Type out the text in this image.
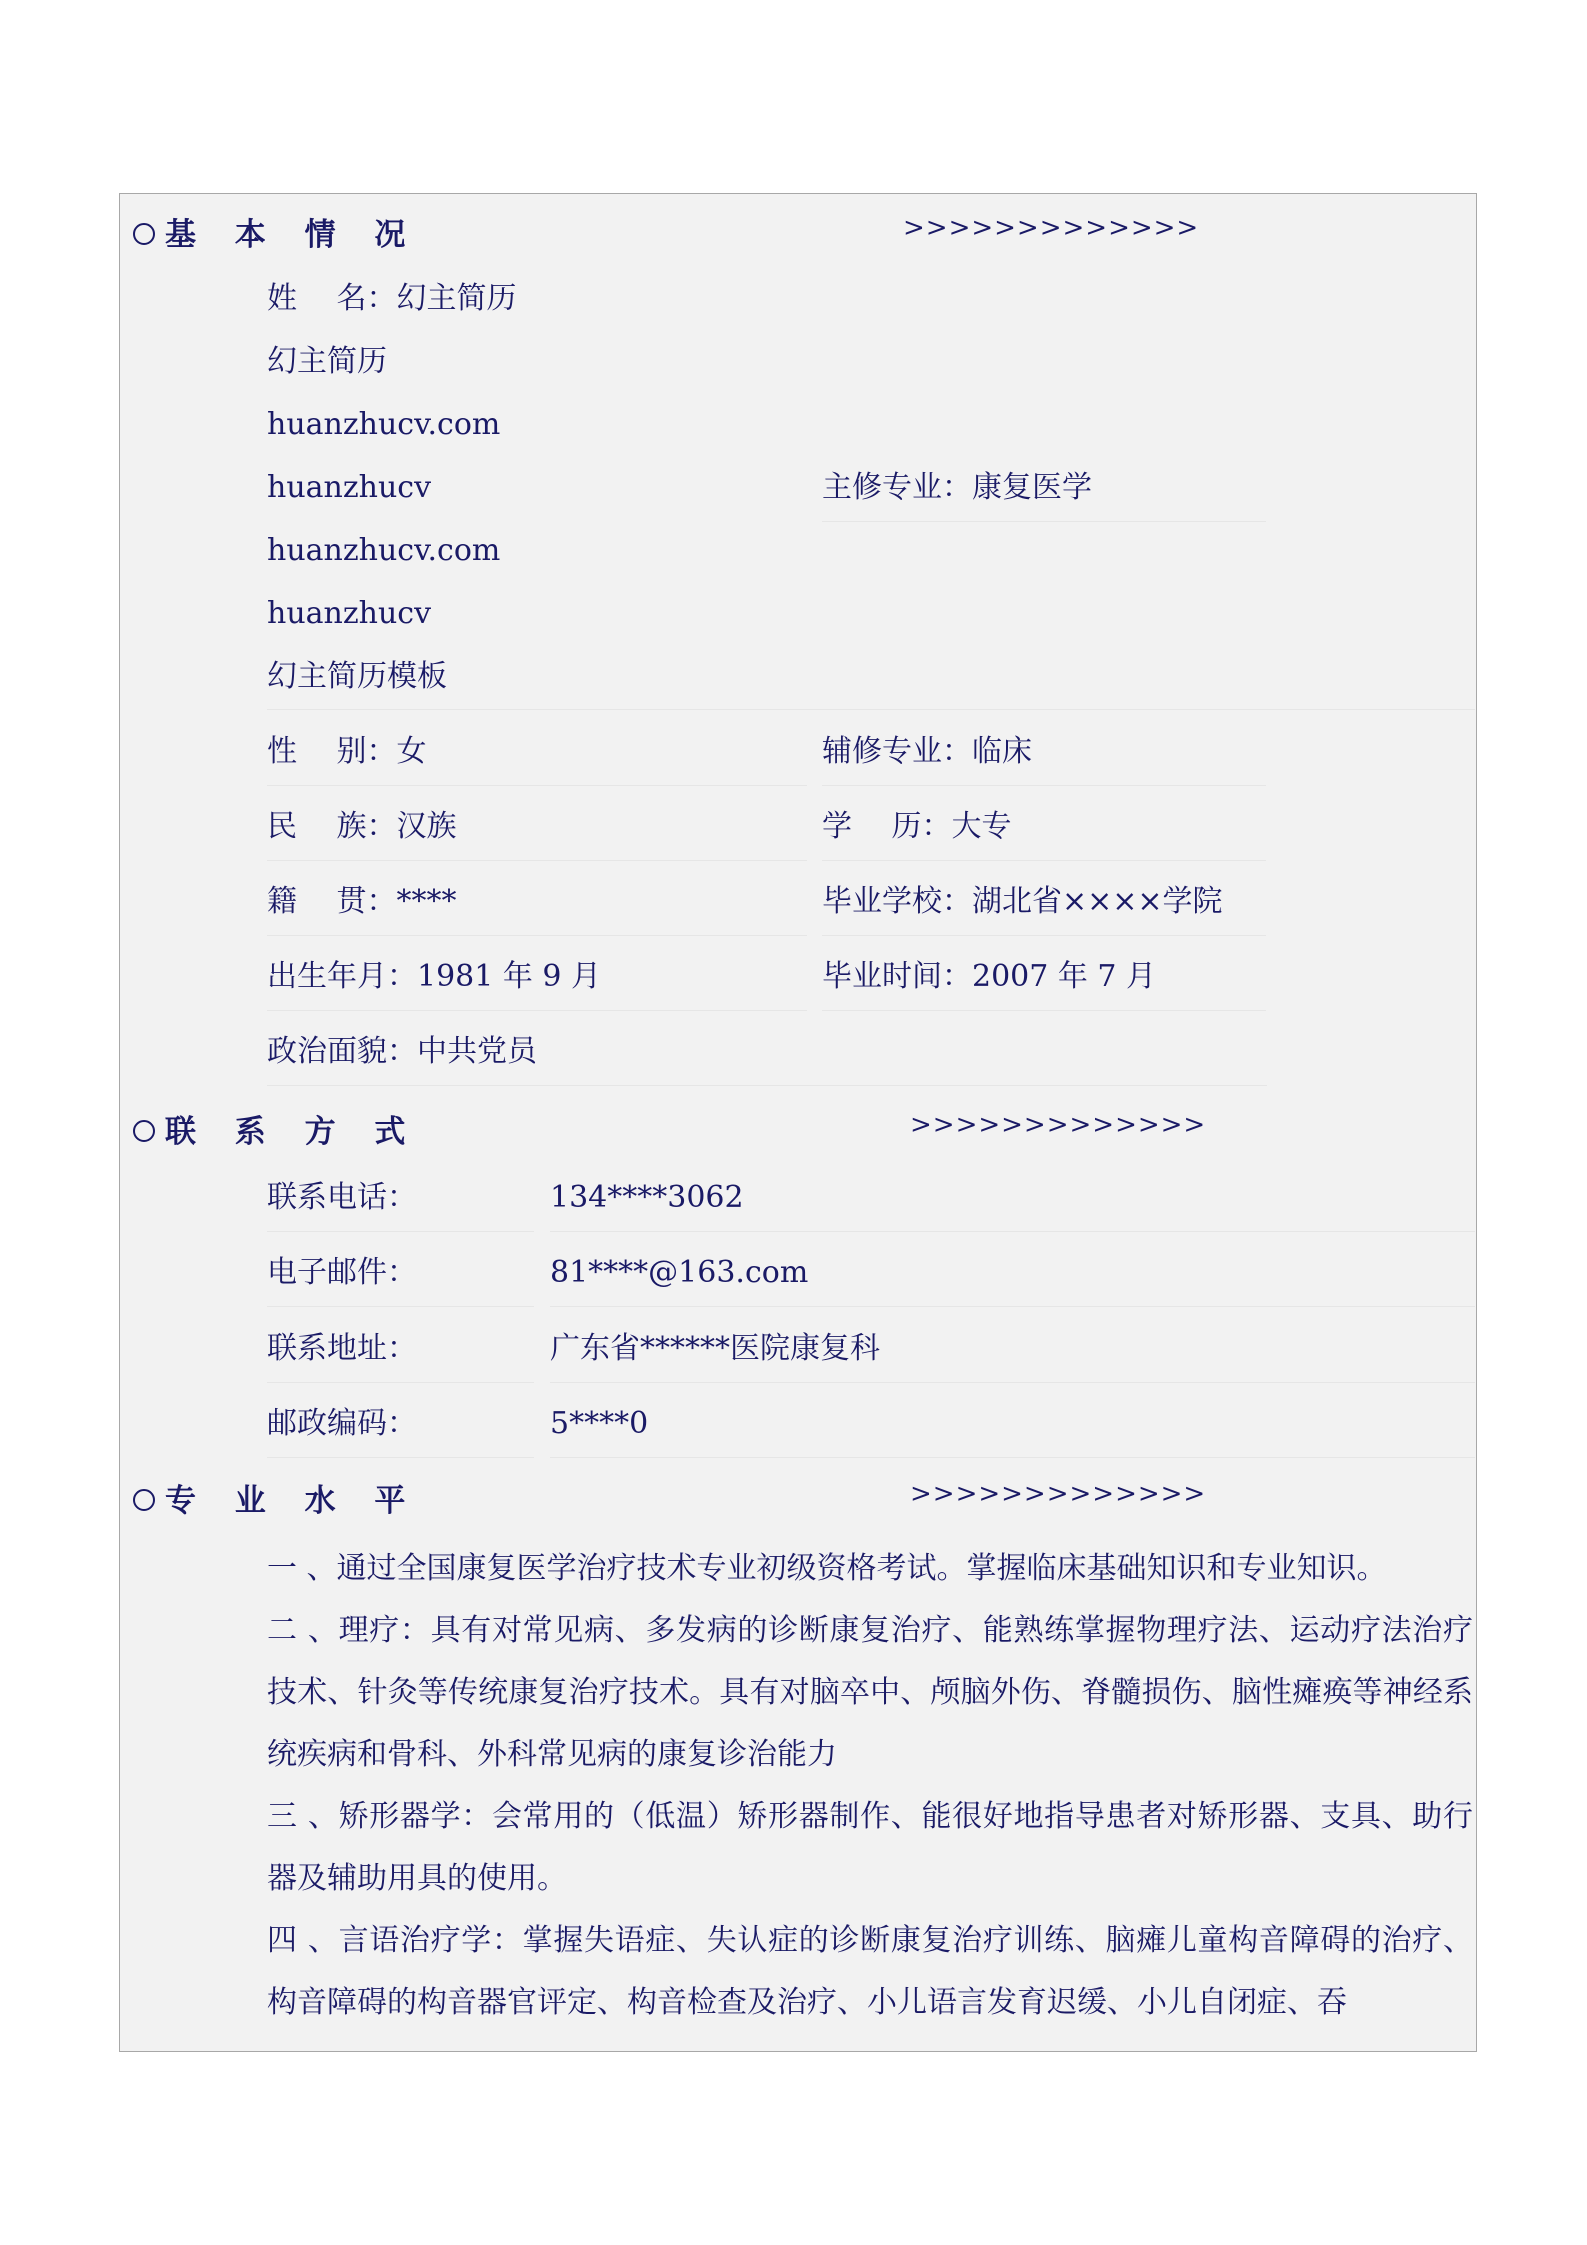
基 本 情 况	>>>>>>>>>>>>>
姓 名：幻主简历
幻主简历
huanzhucv.com
huanzhucv	主修专业：康复医学
huanzhucv.com
huanzhucv
幻主简历模板
性 别：女	辅修专业：临床
民 族：汉族	学 历：大专
籍 贯：****	毕业学校：湖北省××××学院
出生年月：1981 年 9 月	毕业时间：2007 年 7 月
政治面貌：中共党员
联 系 方 式	>>>>>>>>>>>>>
联系电话：	134****3062
电子邮件：	81****@163.com
联系地址：	广东省******医院康复科
邮政编码：	5****0
专 业 水 平	>>>>>>>>>>>>>
一 、通过全国康复医学治疗技术专业初级资格考试。掌握临床基础知识和专业知识。
二 、理疗：具有对常见病、多发病的诊断康复治疗、能熟练掌握物理疗法、运动疗法治疗技术、针灸等传统康复治疗技术。具有对脑卒中、颅脑外伤、脊髓损伤、脑性瘫痪等神经系统疾病和骨科、外科常见病的康复诊治能力
三 、矫形器学：会常用的（低温）矫形器制作、能很好地指导患者对矫形器、支具、助行器及辅助用具的使用。
四 、言语治疗学：掌握失语症、失认症的诊断康复治疗训练、脑瘫儿童构音障碍的治疗、构音障碍的构音器官评定、构音检查及治疗、小儿语言发育迟缓、小儿自闭症、吞
